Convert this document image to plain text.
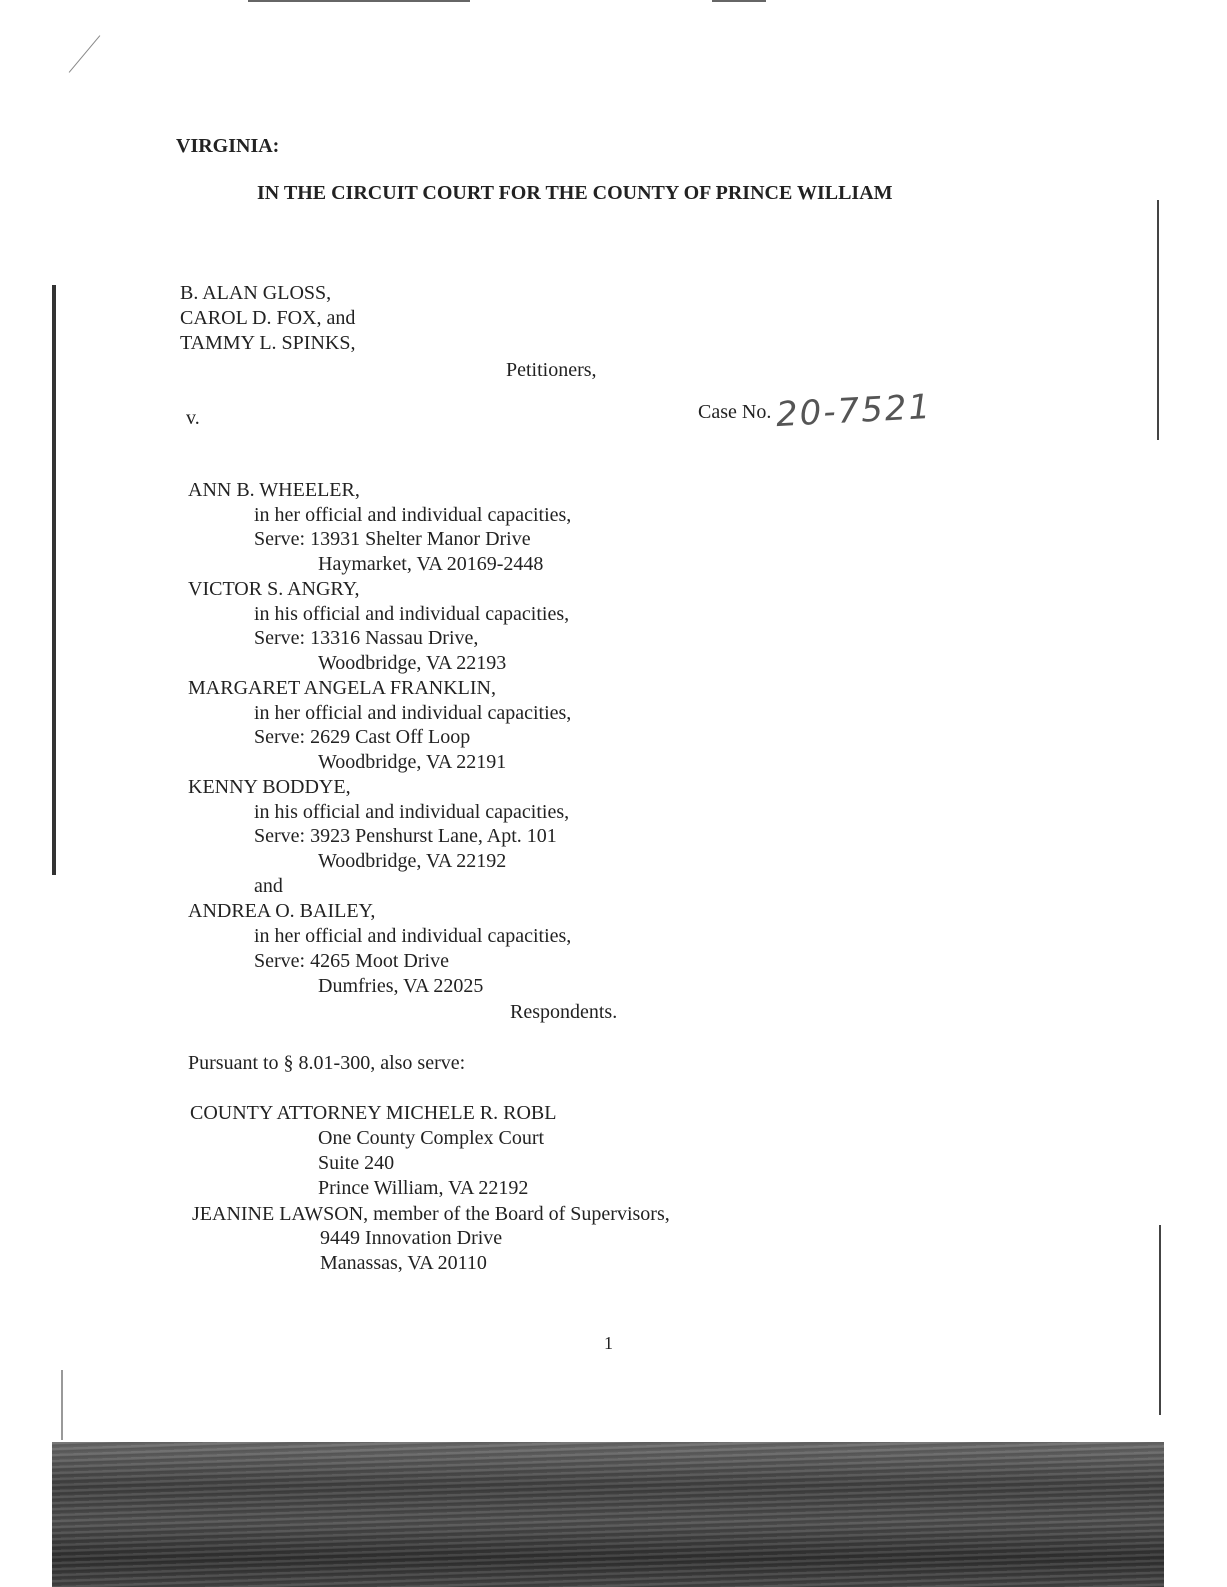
VIRGINIA:
IN THE CIRCUIT COURT FOR THE COUNTY OF PRINCE WILLIAM
B. ALAN GLOSS,
CAROL D. FOX, and
TAMMY L. SPINKS,
Petitioners,
v.	Case No. 20-7521
ANN B. WHEELER,
in her official and individual capacities,
Serve: 13931 Shelter Manor Drive
Haymarket, VA 20169-2448
VICTOR S. ANGRY,
in his official and individual capacities,
Serve: 13316 Nassau Drive,
Woodbridge, VA 22193
MARGARET ANGELA FRANKLIN,
in her official and individual capacities,
Serve: 2629 Cast Off Loop
Woodbridge, VA 22191
KENNY BODDYE,
in his official and individual capacities,
Serve: 3923 Penshurst Lane, Apt. 101
Woodbridge, VA 22192
and
ANDREA O. BAILEY,
in her official and individual capacities,
Serve: 4265 Moot Drive
Dumfries, VA 22025
Respondents.
Pursuant to § 8.01-300, also serve:
COUNTY ATTORNEY MICHELE R. ROBL
One County Complex Court
Suite 240
Prince William, VA 22192
JEANINE LAWSON, member of the Board of Supervisors,
9449 Innovation Drive
Manassas, VA 20110
1
